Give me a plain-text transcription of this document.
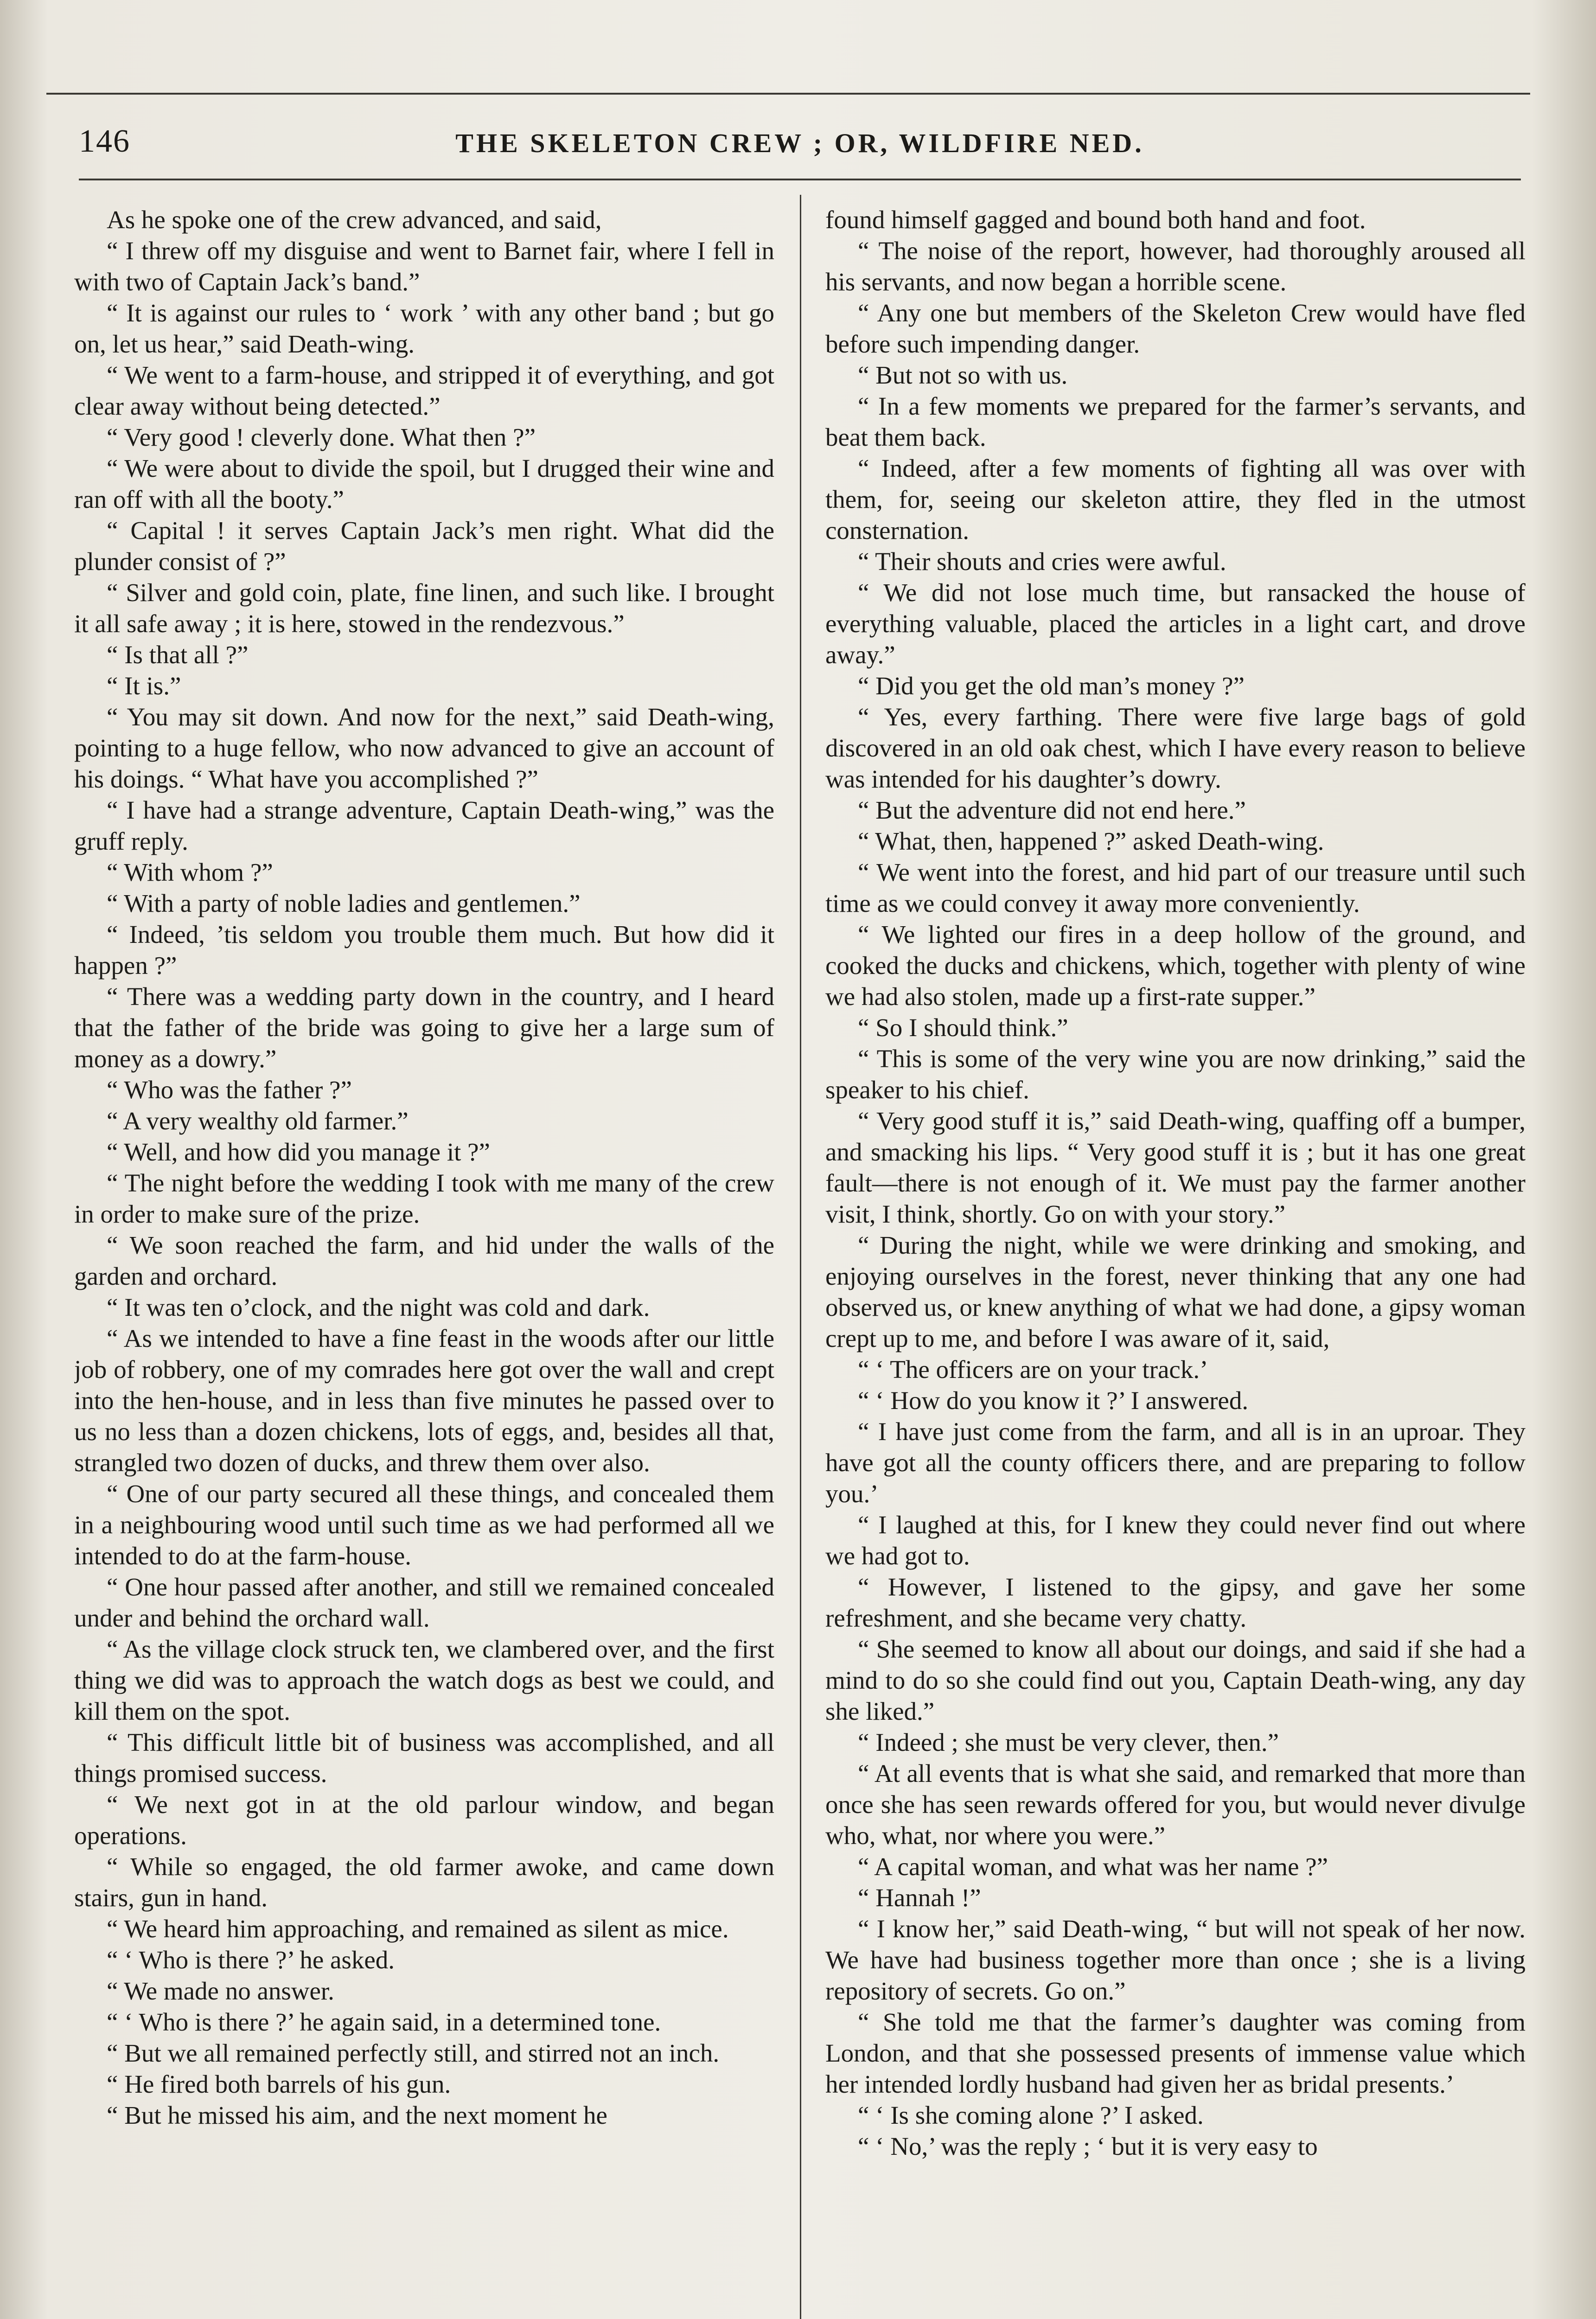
146	THE SKELETON CREW ; OR, WILDFIRE NED.

As he spoke one of the crew advanced, and said,

“ I threw off my disguise and went to Barnet fair, where I fell in with two of Captain Jack’s band.”

“ It is against our rules to ‘ work ’ with any other band ; but go on, let us hear,” said Death-wing.

“ We went to a farm-house, and stripped it of everything, and got clear away without being detected.”

“ Very good ! cleverly done. What then ?”

“ We were about to divide the spoil, but I drugged their wine and ran off with all the booty.”

“ Capital ! it serves Captain Jack’s men right. What did the plunder consist of ?”

“ Silver and gold coin, plate, fine linen, and such like. I brought it all safe away ; it is here, stowed in the rendezvous.”

“ Is that all ?”

“ It is.”

“ You may sit down. And now for the next,” said Death-wing, pointing to a huge fellow, who now advanced to give an account of his doings. “ What have you accomplished ?”

“ I have had a strange adventure, Captain Death-wing,” was the gruff reply.

“ With whom ?”

“ With a party of noble ladies and gentlemen.”

“ Indeed, ’tis seldom you trouble them much. But how did it happen ?”

“ There was a wedding party down in the country, and I heard that the father of the bride was going to give her a large sum of money as a dowry.”

“ Who was the father ?”

“ A very wealthy old farmer.”

“ Well, and how did you manage it ?”

“ The night before the wedding I took with me many of the crew in order to make sure of the prize.

“ We soon reached the farm, and hid under the walls of the garden and orchard.

“ It was ten o’clock, and the night was cold and dark.

“ As we intended to have a fine feast in the woods after our little job of robbery, one of my comrades here got over the wall and crept into the hen-house, and in less than five minutes he passed over to us no less than a dozen chickens, lots of eggs, and, besides all that, strangled two dozen of ducks, and threw them over also.

“ One of our party secured all these things, and concealed them in a neighbouring wood until such time as we had performed all we intended to do at the farm-house.

“ One hour passed after another, and still we remained concealed under and behind the orchard wall.

“ As the village clock struck ten, we clambered over, and the first thing we did was to approach the watch dogs as best we could, and kill them on the spot.

“ This difficult little bit of business was accomplished, and all things promised success.

“ We next got in at the old parlour window, and began operations.

“ While so engaged, the old farmer awoke, and came down stairs, gun in hand.

“ We heard him approaching, and remained as silent as mice.

“ ‘ Who is there ?’ he asked.

“ We made no answer.

“ ‘ Who is there ?’ he again said, in a determined tone.

“ But we all remained perfectly still, and stirred not an inch.

“ He fired both barrels of his gun.

“ But he missed his aim, and the next moment he

found himself gagged and bound both hand and foot.

“ The noise of the report, however, had thoroughly aroused all his servants, and now began a horrible scene.

“ Any one but members of the Skeleton Crew would have fled before such impending danger.

“ But not so with us.

“ In a few moments we prepared for the farmer’s servants, and beat them back.

“ Indeed, after a few moments of fighting all was over with them, for, seeing our skeleton attire, they fled in the utmost consternation.

“ Their shouts and cries were awful.

“ We did not lose much time, but ransacked the house of everything valuable, placed the articles in a light cart, and drove away.”

“ Did you get the old man’s money ?”

“ Yes, every farthing. There were five large bags of gold discovered in an old oak chest, which I have every reason to believe was intended for his daughter’s dowry.

“ But the adventure did not end here.”

“ What, then, happened ?” asked Death-wing.

“ We went into the forest, and hid part of our treasure until such time as we could convey it away more conveniently.

“ We lighted our fires in a deep hollow of the ground, and cooked the ducks and chickens, which, together with plenty of wine we had also stolen, made up a first-rate supper.”

“ So I should think.”

“ This is some of the very wine you are now drinking,” said the speaker to his chief.

“ Very good stuff it is,” said Death-wing, quaffing off a bumper, and smacking his lips. “ Very good stuff it is ; but it has one great fault—there is not enough of it. We must pay the farmer another visit, I think, shortly. Go on with your story.”

“ During the night, while we were drinking and smoking, and enjoying ourselves in the forest, never thinking that any one had observed us, or knew anything of what we had done, a gipsy woman crept up to me, and before I was aware of it, said,

“ ‘ The officers are on your track.’

“ ‘ How do you know it ?’ I answered.

“ I have just come from the farm, and all is in an uproar. They have got all the county officers there, and are preparing to follow you.’

“ I laughed at this, for I knew they could never find out where we had got to.

“ However, I listened to the gipsy, and gave her some refreshment, and she became very chatty.

“ She seemed to know all about our doings, and said if she had a mind to do so she could find out you, Captain Death-wing, any day she liked.”

“ Indeed ; she must be very clever, then.”

“ At all events that is what she said, and remarked that more than once she has seen rewards offered for you, but would never divulge who, what, nor where you were.”

“ A capital woman, and what was her name ?”

“ Hannah !”

“ I know her,” said Death-wing, “ but will not speak of her now. We have had business together more than once ; she is a living repository of secrets. Go on.”

“ She told me that the farmer’s daughter was coming from London, and that she possessed presents of immense value which her intended lordly husband had given her as bridal presents.’

“ ‘ Is she coming alone ?’ I asked.

“ ‘ No,’ was the reply ; ‘ but it is very easy to
